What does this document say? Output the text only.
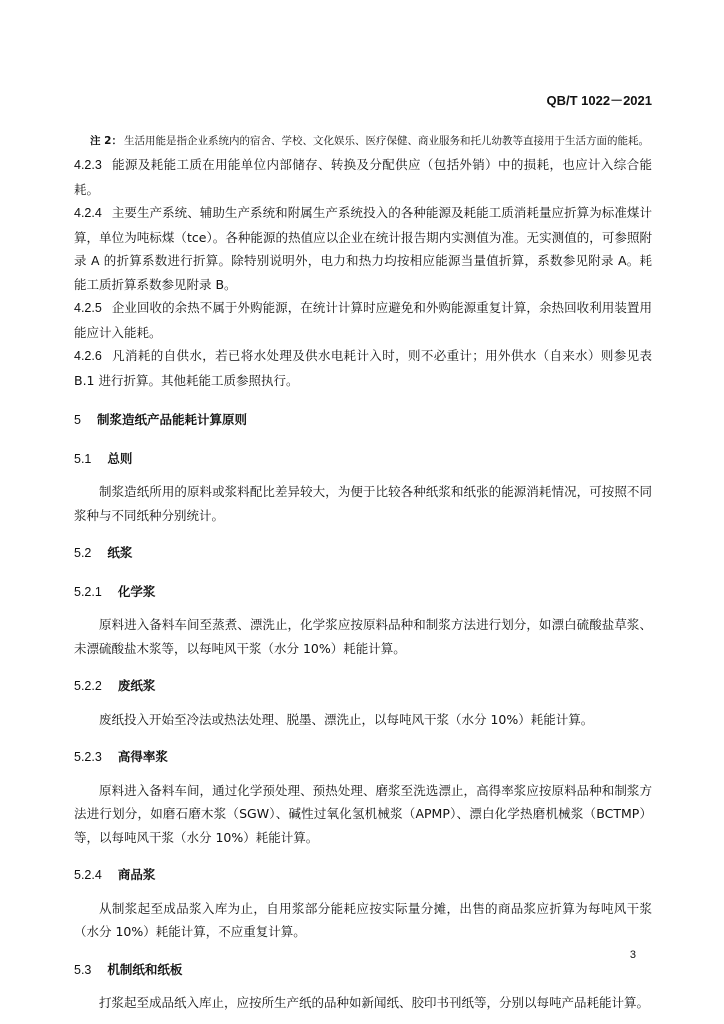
QB/T 1022－2021
注 2： 生活用能是指企业系统内的宿舍、学校、文化娱乐、医疗保健、商业服务和托儿幼教等直接用于生活方面的能耗。

4.2.3 能源及耗能工质在用能单位内部储存、转换及分配供应（包括外销）中的损耗，也应计入综合能耗。

4.2.4 主要生产系统、辅助生产系统和附属生产系统投入的各种能源及耗能工质消耗量应折算为标准煤计算，单位为吨标煤（tce）。各种能源的热值应以企业在统计报告期内实测值为准。无实测值的，可参照附录 A 的折算系数进行折算。除特别说明外，电力和热力均按相应能源当量值折算，系数参见附录 A。耗能工质折算系数参见附录 B。

4.2.5 企业回收的余热不属于外购能源，在统计计算时应避免和外购能源重复计算，余热回收利用装置用能应计入能耗。

4.2.6 凡消耗的自供水，若已将水处理及供水电耗计入时，则不必重计；用外供水（自来水）则参见表 B.1 进行折算。其他耗能工质参照执行。

5 制浆造纸产品能耗计算原则
5.1 总则

制浆造纸所用的原料或浆料配比差异较大，为便于比较各种纸浆和纸张的能源消耗情况，可按照不同浆种与不同纸种分别统计。

5.2 纸浆
5.2.1 化学浆

原料进入备料车间至蒸煮、漂洗止，化学浆应按原料品种和制浆方法进行划分，如漂白硫酸盐草浆、未漂硫酸盐木浆等，以每吨风干浆（水分 10%）耗能计算。

5.2.2 废纸浆

废纸投入开始至冷法或热法处理、脱墨、漂洗止，以每吨风干浆（水分 10%）耗能计算。

5.2.3 高得率浆

原料进入备料车间，通过化学预处理、预热处理、磨浆至洗选漂止，高得率浆应按原料品种和制浆方法进行划分，如磨石磨木浆（SGW）、碱性过氧化氢机械浆（APMP）、漂白化学热磨机械浆（BCTMP）等，以每吨风干浆（水分 10%）耗能计算。

5.2.4 商品浆

从制浆起至成品浆入库为止，自用浆部分能耗应按实际量分摊，出售的商品浆应折算为每吨风干浆（水分 10%）耗能计算，不应重复计算。

5.3 机制纸和纸板

打浆起至成品纸入库止，应按所生产纸的品种如新闻纸、胶印书刊纸等，分别以每吨产品耗能计算。

3
